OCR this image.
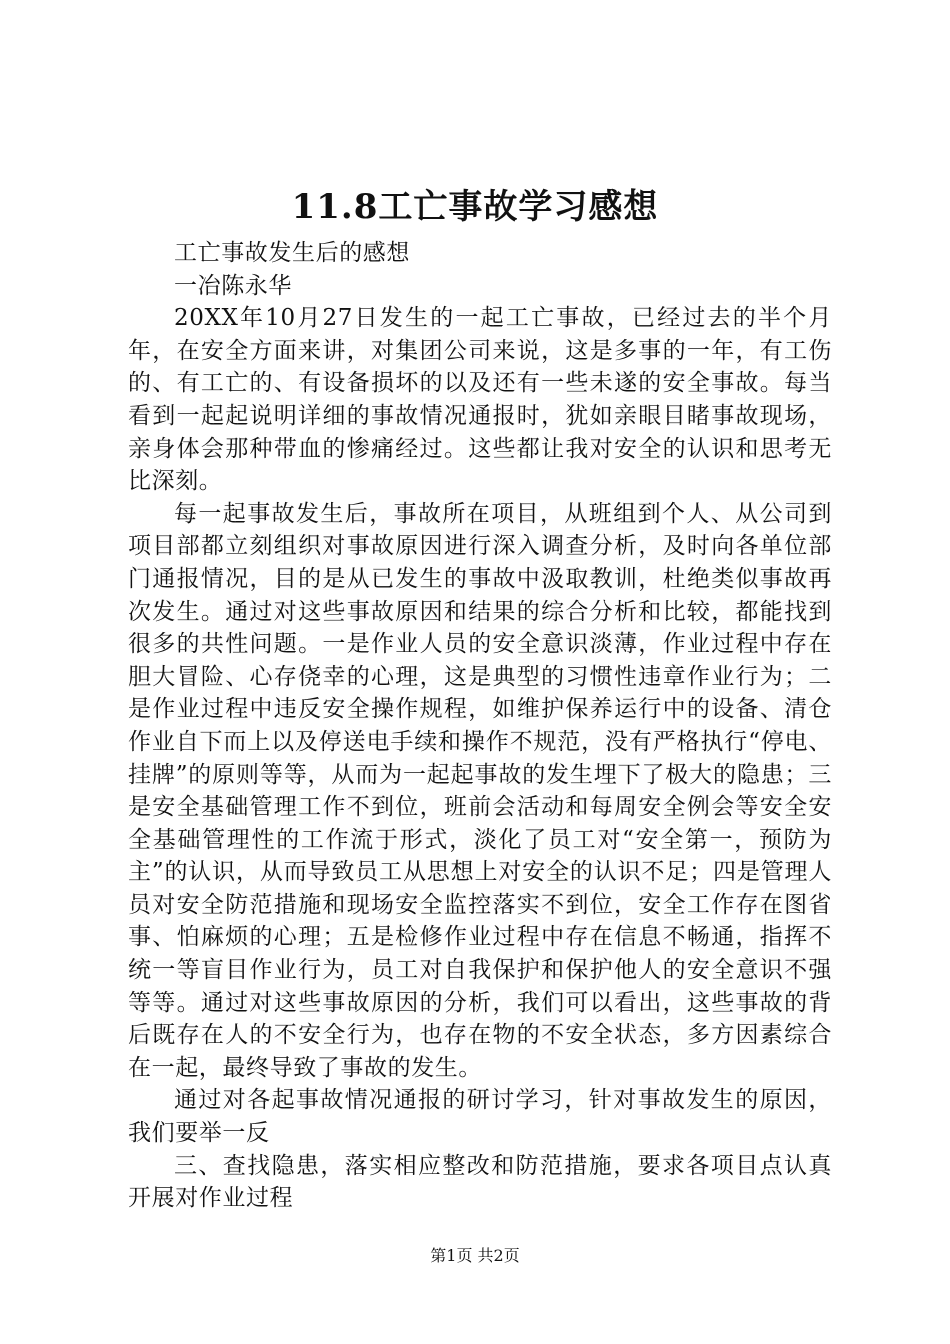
11.8工亡事故学习感想

工亡事故发生后的感想

一冶陈永华

20XX年10月27日发生的一起工亡事故，已经过去的半个月年，在安全方面来讲，对集团公司来说，这是多事的一年，有工伤的、有工亡的、有设备损坏的以及还有一些未遂的安全事故。每当看到一起起说明详细的事故情况通报时，犹如亲眼目睹事故现场，亲身体会那种带血的惨痛经过。这些都让我对安全的认识和思考无比深刻。

每一起事故发生后，事故所在项目，从班组到个人、从公司到项目部都立刻组织对事故原因进行深入调查分析，及时向各单位部门通报情况，目的是从已发生的事故中汲取教训，杜绝类似事故再次发生。通过对这些事故原因和结果的综合分析和比较，都能找到很多的共性问题。一是作业人员的安全意识淡薄，作业过程中存在胆大冒险、心存侥幸的心理，这是典型的习惯性违章作业行为；二是作业过程中违反安全操作规程，如维护保养运行中的设备、清仓作业自下而上以及停送电手续和操作不规范，没有严格执行“停电、挂牌”的原则等等，从而为一起起事故的发生埋下了极大的隐患；三是安全基础管理工作不到位，班前会活动和每周安全例会等安全安全基础管理性的工作流于形式，淡化了员工对“安全第一，预防为主”的认识，从而导致员工从思想上对安全的认识不足；四是管理人员对安全防范措施和现场安全监控落实不到位，安全工作存在图省事、怕麻烦的心理；五是检修作业过程中存在信息不畅通，指挥不统一等盲目作业行为，员工对自我保护和保护他人的安全意识不强等等。通过对这些事故原因的分析，我们可以看出，这些事故的背后既存在人的不安全行为，也存在物的不安全状态，多方因素综合在一起，最终导致了事故的发生。

通过对各起事故情况通报的研讨学习，针对事故发生的原因，我们要举一反

三、查找隐患，落实相应整改和防范措施，要求各项目点认真开展对作业过程

第1页 共2页
